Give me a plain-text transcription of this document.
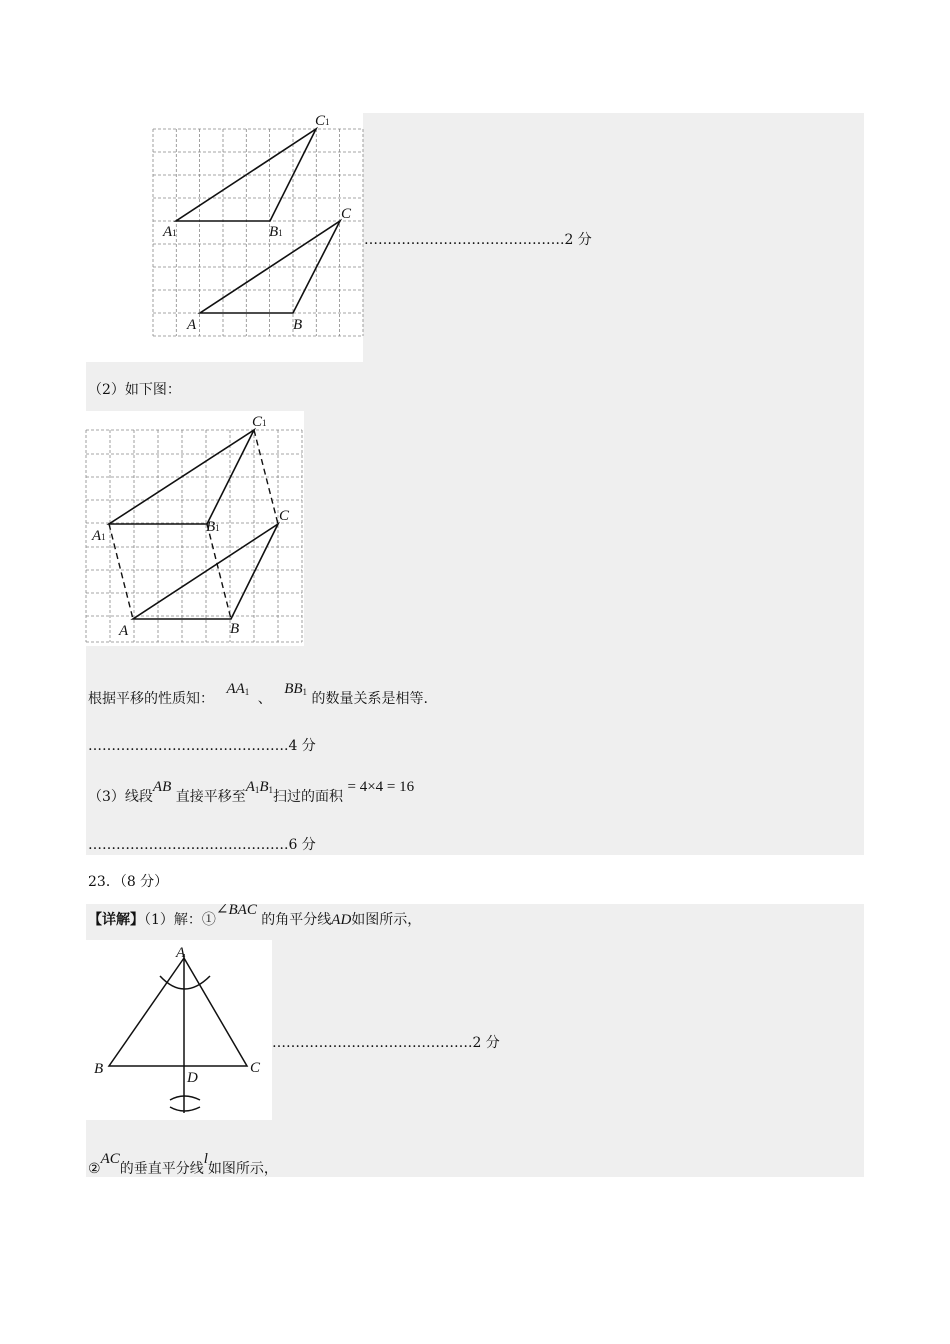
C1
A1	B1
C
A	B
…………………………………….2 分
（2）如下图：
C1
A1
B1
C
A	B
根据平移的性质知： $AA_1$ 、 $BB_1$ 的数量关系是相等.
…………………………………….4 分
（3）线段AB 直接平移至$A_1B_1$扫过的面积 = 4×4 = 16
…………………………………….6 分
23．（8 分）
【详解】（1）解：①∠BAC 的角平分线AD如图所示，
A
B	C
D
…………………………………….2 分
②AC的垂直平分线l如图所示，
